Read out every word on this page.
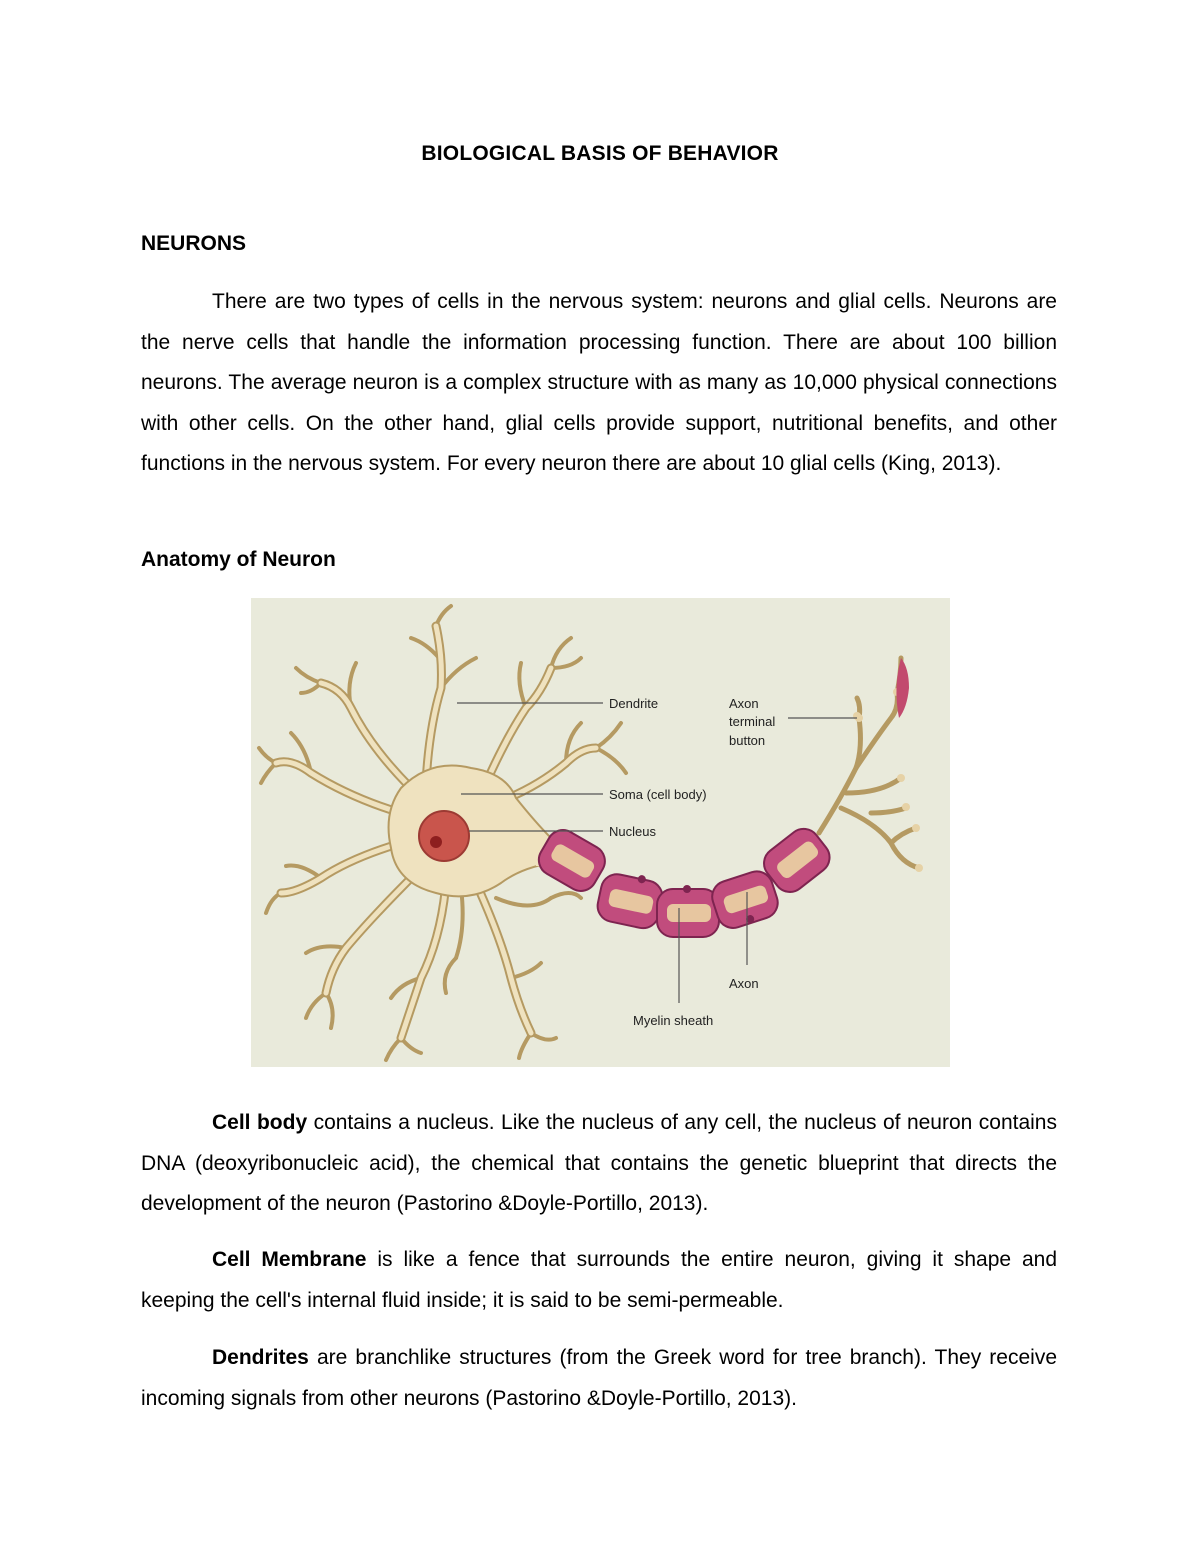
BIOLOGICAL BASIS OF BEHAVIOR
NEURONS
There are two types of cells in the nervous system: neurons and glial cells. Neurons are the nerve cells that handle the information processing function. There are about 100 billion neurons. The average neuron is a complex structure with as many as 10,000 physical connections with other cells. On the other hand, glial cells provide support, nutritional benefits, and other functions in the nervous system. For every neuron there are about 10 glial cells (King, 2013).
Anatomy of Neuron
Dendrite	Axon
terminal
button
Soma (cell body)
Nucleus
Axon
Myelin sheath
Cell body contains a nucleus. Like the nucleus of any cell, the nucleus of neuron contains DNA (deoxyribonucleic acid), the chemical that contains the genetic blueprint that directs the development of the neuron (Pastorino &Doyle-Portillo, 2013).
Cell Membrane is like a fence that surrounds the entire neuron, giving it shape and keeping the cell's internal fluid inside; it is said to be semi-permeable.
Dendrites are branchlike structures (from the Greek word for tree branch). They receive incoming signals from other neurons (Pastorino &Doyle-Portillo, 2013).
